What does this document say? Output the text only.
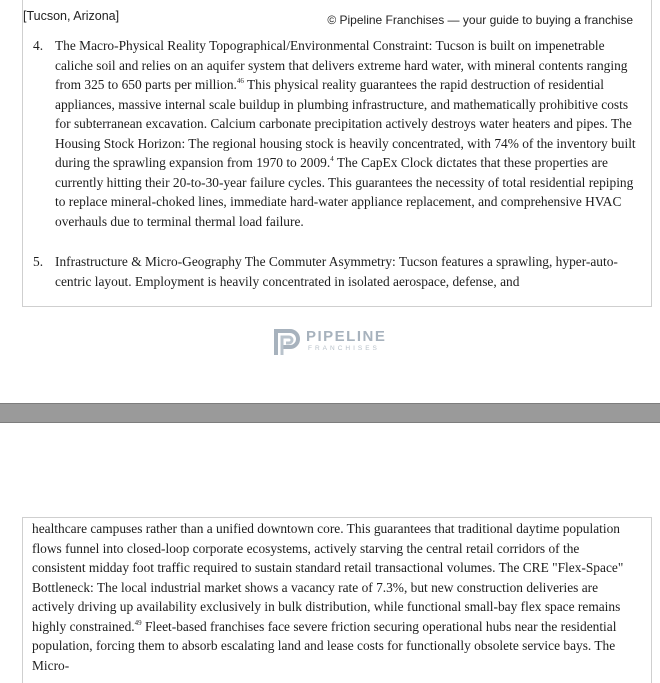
[Tucson, Arizona]	© Pipeline Franchises — your guide to buying a franchise
4. The Macro-Physical Reality Topographical/Environmental Constraint: Tucson is built on impenetrable caliche soil and relies on an aquifer system that delivers extreme hard water, with mineral contents ranging from 325 to 650 parts per million.$^{46}$ This physical reality guarantees the rapid destruction of residential appliances, massive internal scale buildup in plumbing infrastructure, and mathematically prohibitive costs for subterranean excavation. Calcium carbonate precipitation actively destroys water heaters and pipes. The Housing Stock Horizon: The regional housing stock is heavily concentrated, with 74% of the inventory built during the sprawling expansion from 1970 to 2009.$^4$ The CapEx Clock dictates that these properties are currently hitting their 20-to-30-year failure cycles. This guarantees the necessity of total residential repiping to replace mineral-choked lines, immediate hard-water appliance replacement, and comprehensive HVAC overhauls due to terminal thermal load failure.
5. Infrastructure & Micro-Geography The Commuter Asymmetry: Tucson features a sprawling, hyper-auto-centric layout. Employment is heavily concentrated in isolated aerospace, defense, and
PIPELINE
FRANCHISES
healthcare campuses rather than a unified downtown core. This guarantees that traditional daytime population flows funnel into closed-loop corporate ecosystems, actively starving the central retail corridors of the consistent midday foot traffic required to sustain standard retail transactional volumes. The CRE "Flex-Space" Bottleneck: The local industrial market shows a vacancy rate of 7.3%, but new construction deliveries are actively driving up availability exclusively in bulk distribution, while functional small-bay flex space remains highly constrained.$^{49}$ Fleet-based franchises face severe friction securing operational hubs near the residential population, forcing them to absorb escalating land and lease costs for functionally obsolete service bays. The Micro-
